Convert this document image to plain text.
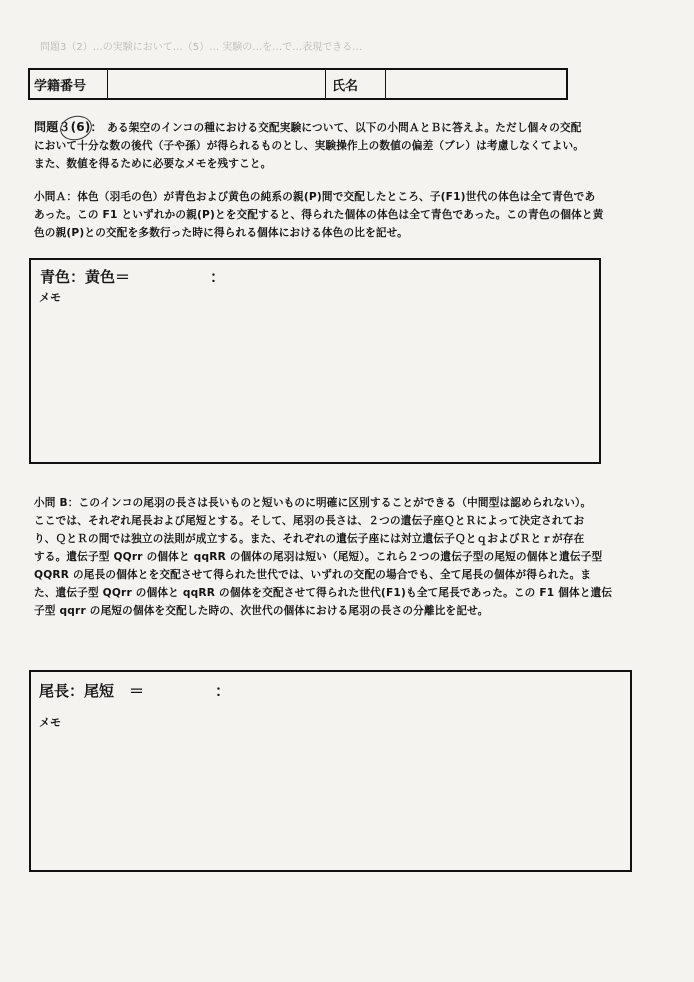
問題3（2）…の実験において…（5）… 実験の…を…で…表現できる…
学籍番号	氏名
問題３(6)： ある架空のインコの種における交配実験について、以下の小問ＡとＢに答えよ。ただし個々の交配
において十分な数の後代（子や孫）が得られるものとし、実験操作上の数値の偏差（ブレ）は考慮しなくてよい。
また、数値を得るために必要なメモを残すこと。
小問Ａ：体色（羽毛の色）が青色および黄色の純系の親(P)間で交配したところ、子(F1)世代の体色は全て青色であ
あった。この F1 といずれかの親(P)とを交配すると、得られた個体の体色は全て青色であった。この青色の個体と黄
色の親(P)との交配を多数行った時に得られる個体における体色の比を記せ。
青色：黄色＝	：
メモ
小問 B：このインコの尾羽の長さは長いものと短いものに明確に区別することができる（中間型は認められない）。
ここでは、それぞれ尾長および尾短とする。そして、尾羽の長さは、２つの遺伝子座ＱとＲによって決定されてお
り、ＱとＲの間では独立の法則が成立する。また、それぞれの遺伝子座には対立遺伝子ＱとｑおよびＲとｒが存在
する。遺伝子型 QQrr の個体と qqRR の個体の尾羽は短い（尾短）。これら２つの遺伝子型の尾短の個体と遺伝子型
QQRR の尾長の個体とを交配させて得られた世代では、いずれの交配の場合でも、全て尾長の個体が得られた。ま
た、遺伝子型 QQrr の個体と qqRR の個体を交配させて得られた世代(F1)も全て尾長であった。この F1 個体と遺伝
子型 qqrr の尾短の個体を交配した時の、次世代の個体における尾羽の長さの分離比を記せ。
尾長：尾短　＝	：
メモ
